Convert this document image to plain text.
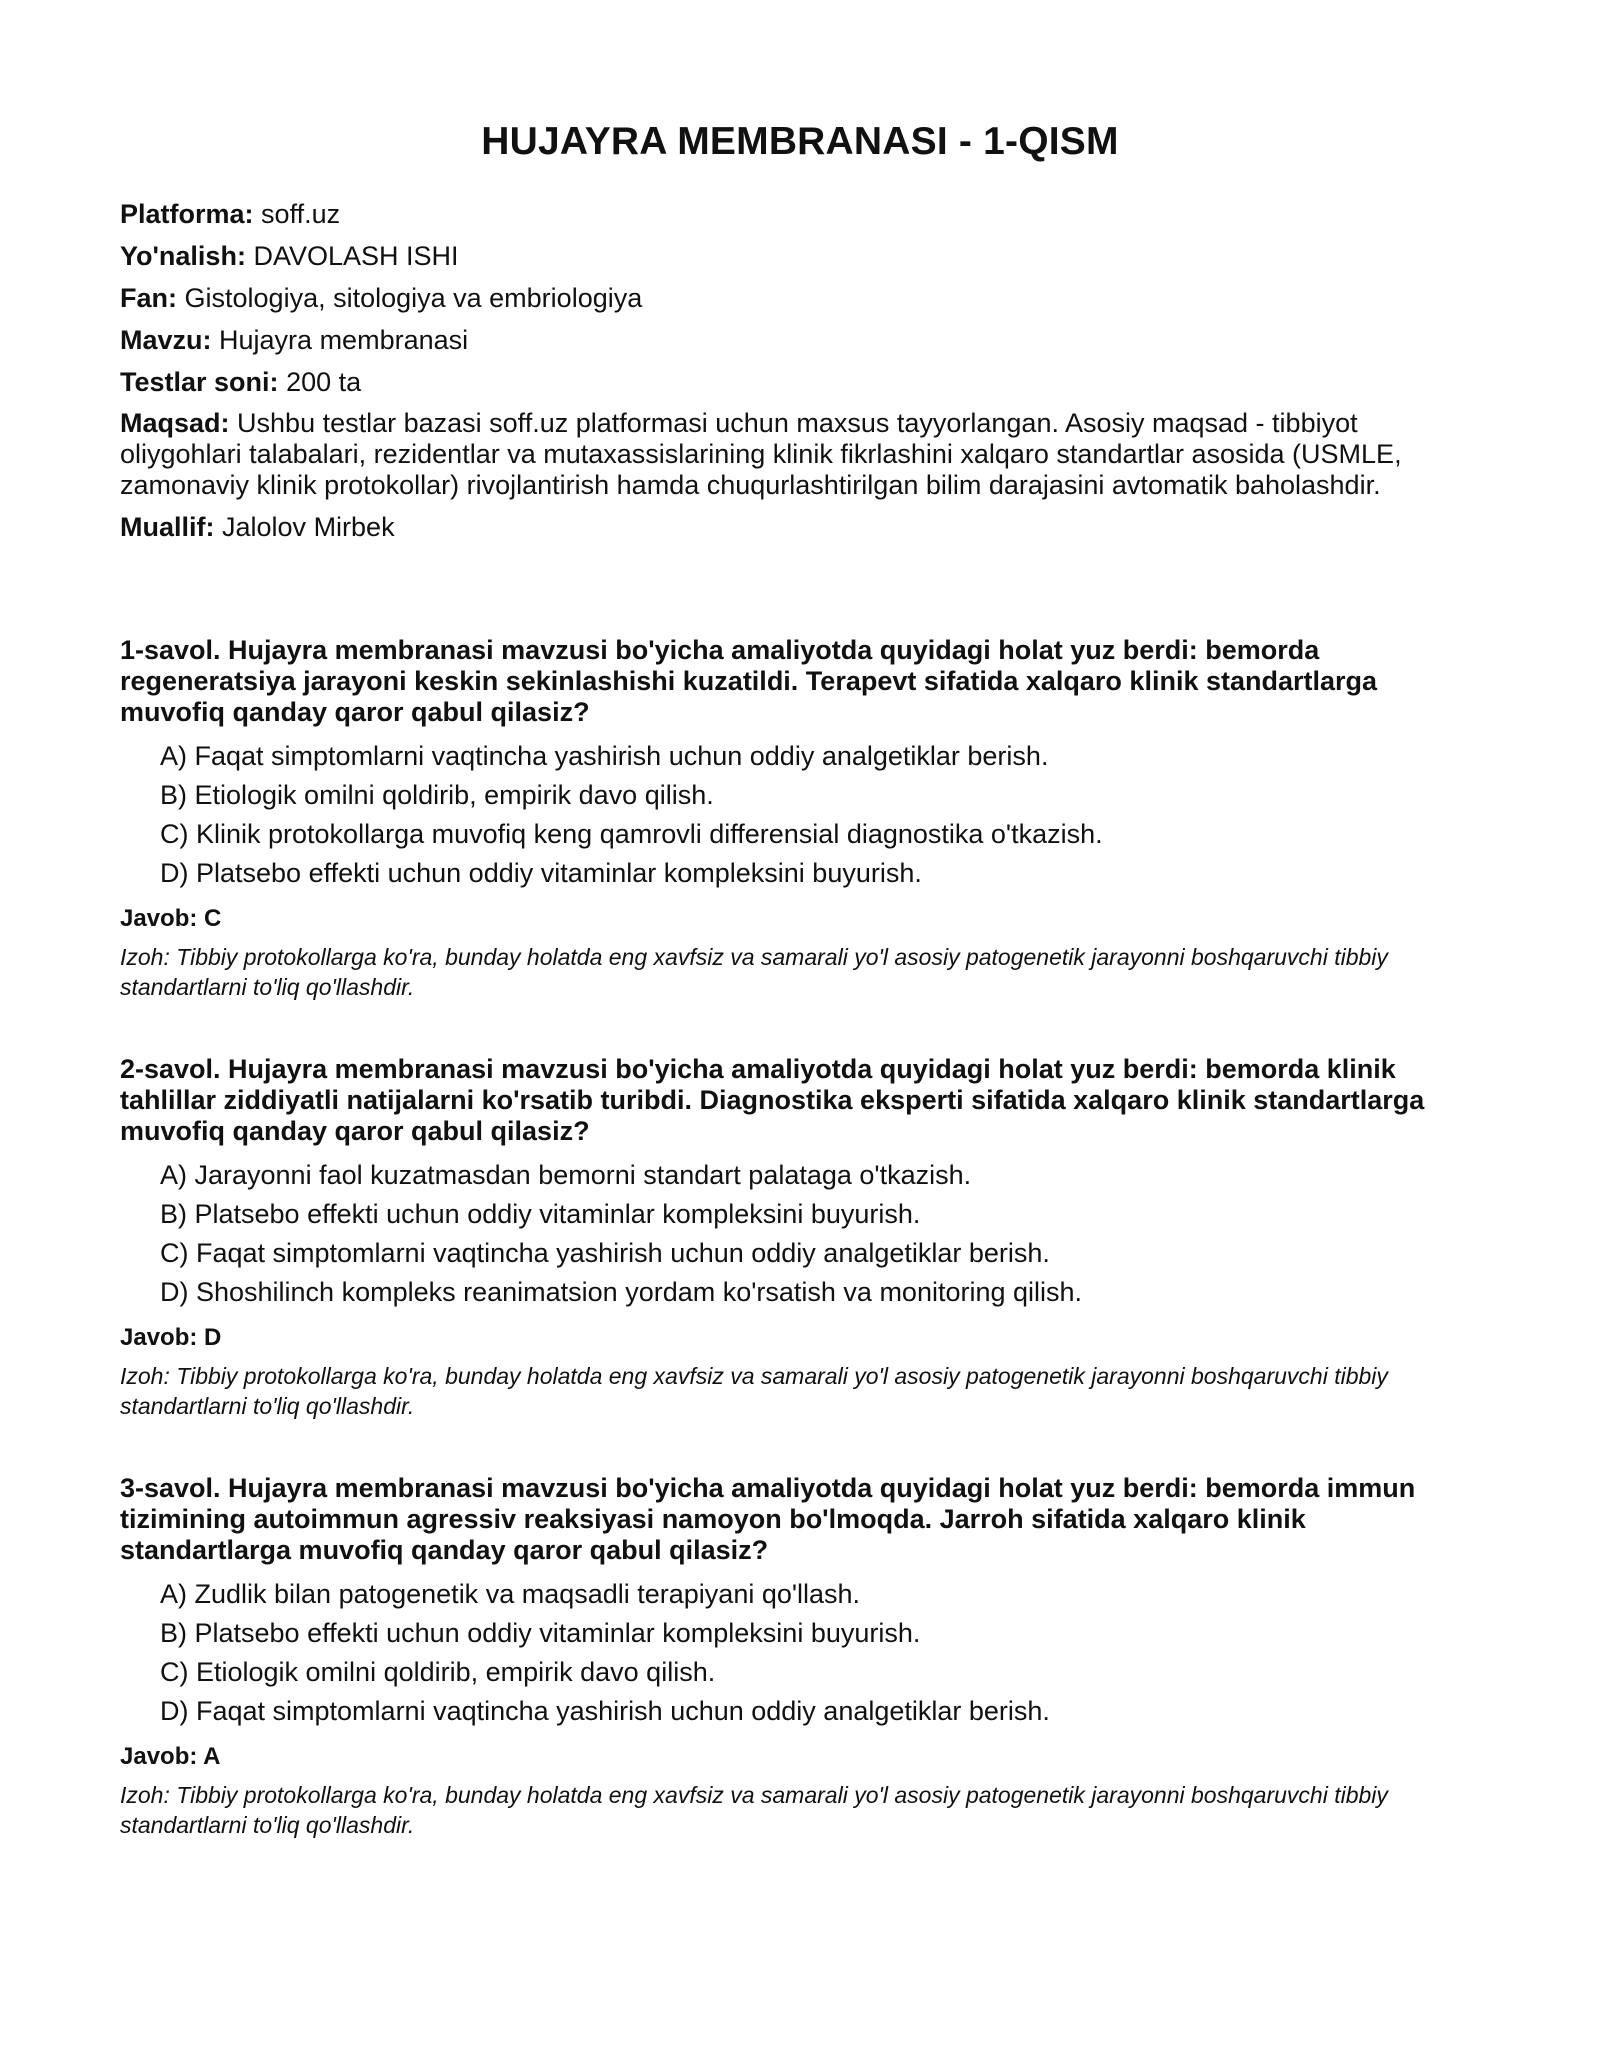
HUJAYRA MEMBRANASI - 1-QISM

Platforma: soff.uz

Yo'nalish: DAVOLASH ISHI

Fan: Gistologiya, sitologiya va embriologiya

Mavzu: Hujayra membranasi

Testlar soni: 200 ta

Maqsad: Ushbu testlar bazasi soff.uz platformasi uchun maxsus tayyorlangan. Asosiy maqsad - tibbiyot oliygohlari talabalari, rezidentlar va mutaxassislarining klinik fikrlashini xalqaro standartlar asosida (USMLE, zamonaviy klinik protokollar) rivojlantirish hamda chuqurlashtirilgan bilim darajasini avtomatik baholashdir.

Muallif: Jalolov Mirbek

1-savol. Hujayra membranasi mavzusi bo'yicha amaliyotda quyidagi holat yuz berdi: bemorda regeneratsiya jarayoni keskin sekinlashishi kuzatildi. Terapevt sifatida xalqaro klinik standartlarga muvofiq qanday qaror qabul qilasiz?

A) Faqat simptomlarni vaqtincha yashirish uchun oddiy analgetiklar berish.

B) Etiologik omilni qoldirib, empirik davo qilish.

C) Klinik protokollarga muvofiq keng qamrovli differensial diagnostika o'tkazish.

D) Platsebo effekti uchun oddiy vitaminlar kompleksini buyurish.

Javob: C

Izoh: Tibbiy protokollarga ko'ra, bunday holatda eng xavfsiz va samarali yo'l asosiy patogenetik jarayonni boshqaruvchi tibbiy standartlarni to'liq qo'llashdir.

2-savol. Hujayra membranasi mavzusi bo'yicha amaliyotda quyidagi holat yuz berdi: bemorda klinik tahlillar ziddiyatli natijalarni ko'rsatib turibdi. Diagnostika eksperti sifatida xalqaro klinik standartlarga muvofiq qanday qaror qabul qilasiz?

A) Jarayonni faol kuzatmasdan bemorni standart palataga o'tkazish.

B) Platsebo effekti uchun oddiy vitaminlar kompleksini buyurish.

C) Faqat simptomlarni vaqtincha yashirish uchun oddiy analgetiklar berish.

D) Shoshilinch kompleks reanimatsion yordam ko'rsatish va monitoring qilish.

Javob: D

Izoh: Tibbiy protokollarga ko'ra, bunday holatda eng xavfsiz va samarali yo'l asosiy patogenetik jarayonni boshqaruvchi tibbiy standartlarni to'liq qo'llashdir.

3-savol. Hujayra membranasi mavzusi bo'yicha amaliyotda quyidagi holat yuz berdi: bemorda immun tizimining autoimmun agressiv reaksiyasi namoyon bo'lmoqda. Jarroh sifatida xalqaro klinik standartlarga muvofiq qanday qaror qabul qilasiz?

A) Zudlik bilan patogenetik va maqsadli terapiyani qo'llash.

B) Platsebo effekti uchun oddiy vitaminlar kompleksini buyurish.

C) Etiologik omilni qoldirib, empirik davo qilish.

D) Faqat simptomlarni vaqtincha yashirish uchun oddiy analgetiklar berish.

Javob: A

Izoh: Tibbiy protokollarga ko'ra, bunday holatda eng xavfsiz va samarali yo'l asosiy patogenetik jarayonni boshqaruvchi tibbiy standartlarni to'liq qo'llashdir.
